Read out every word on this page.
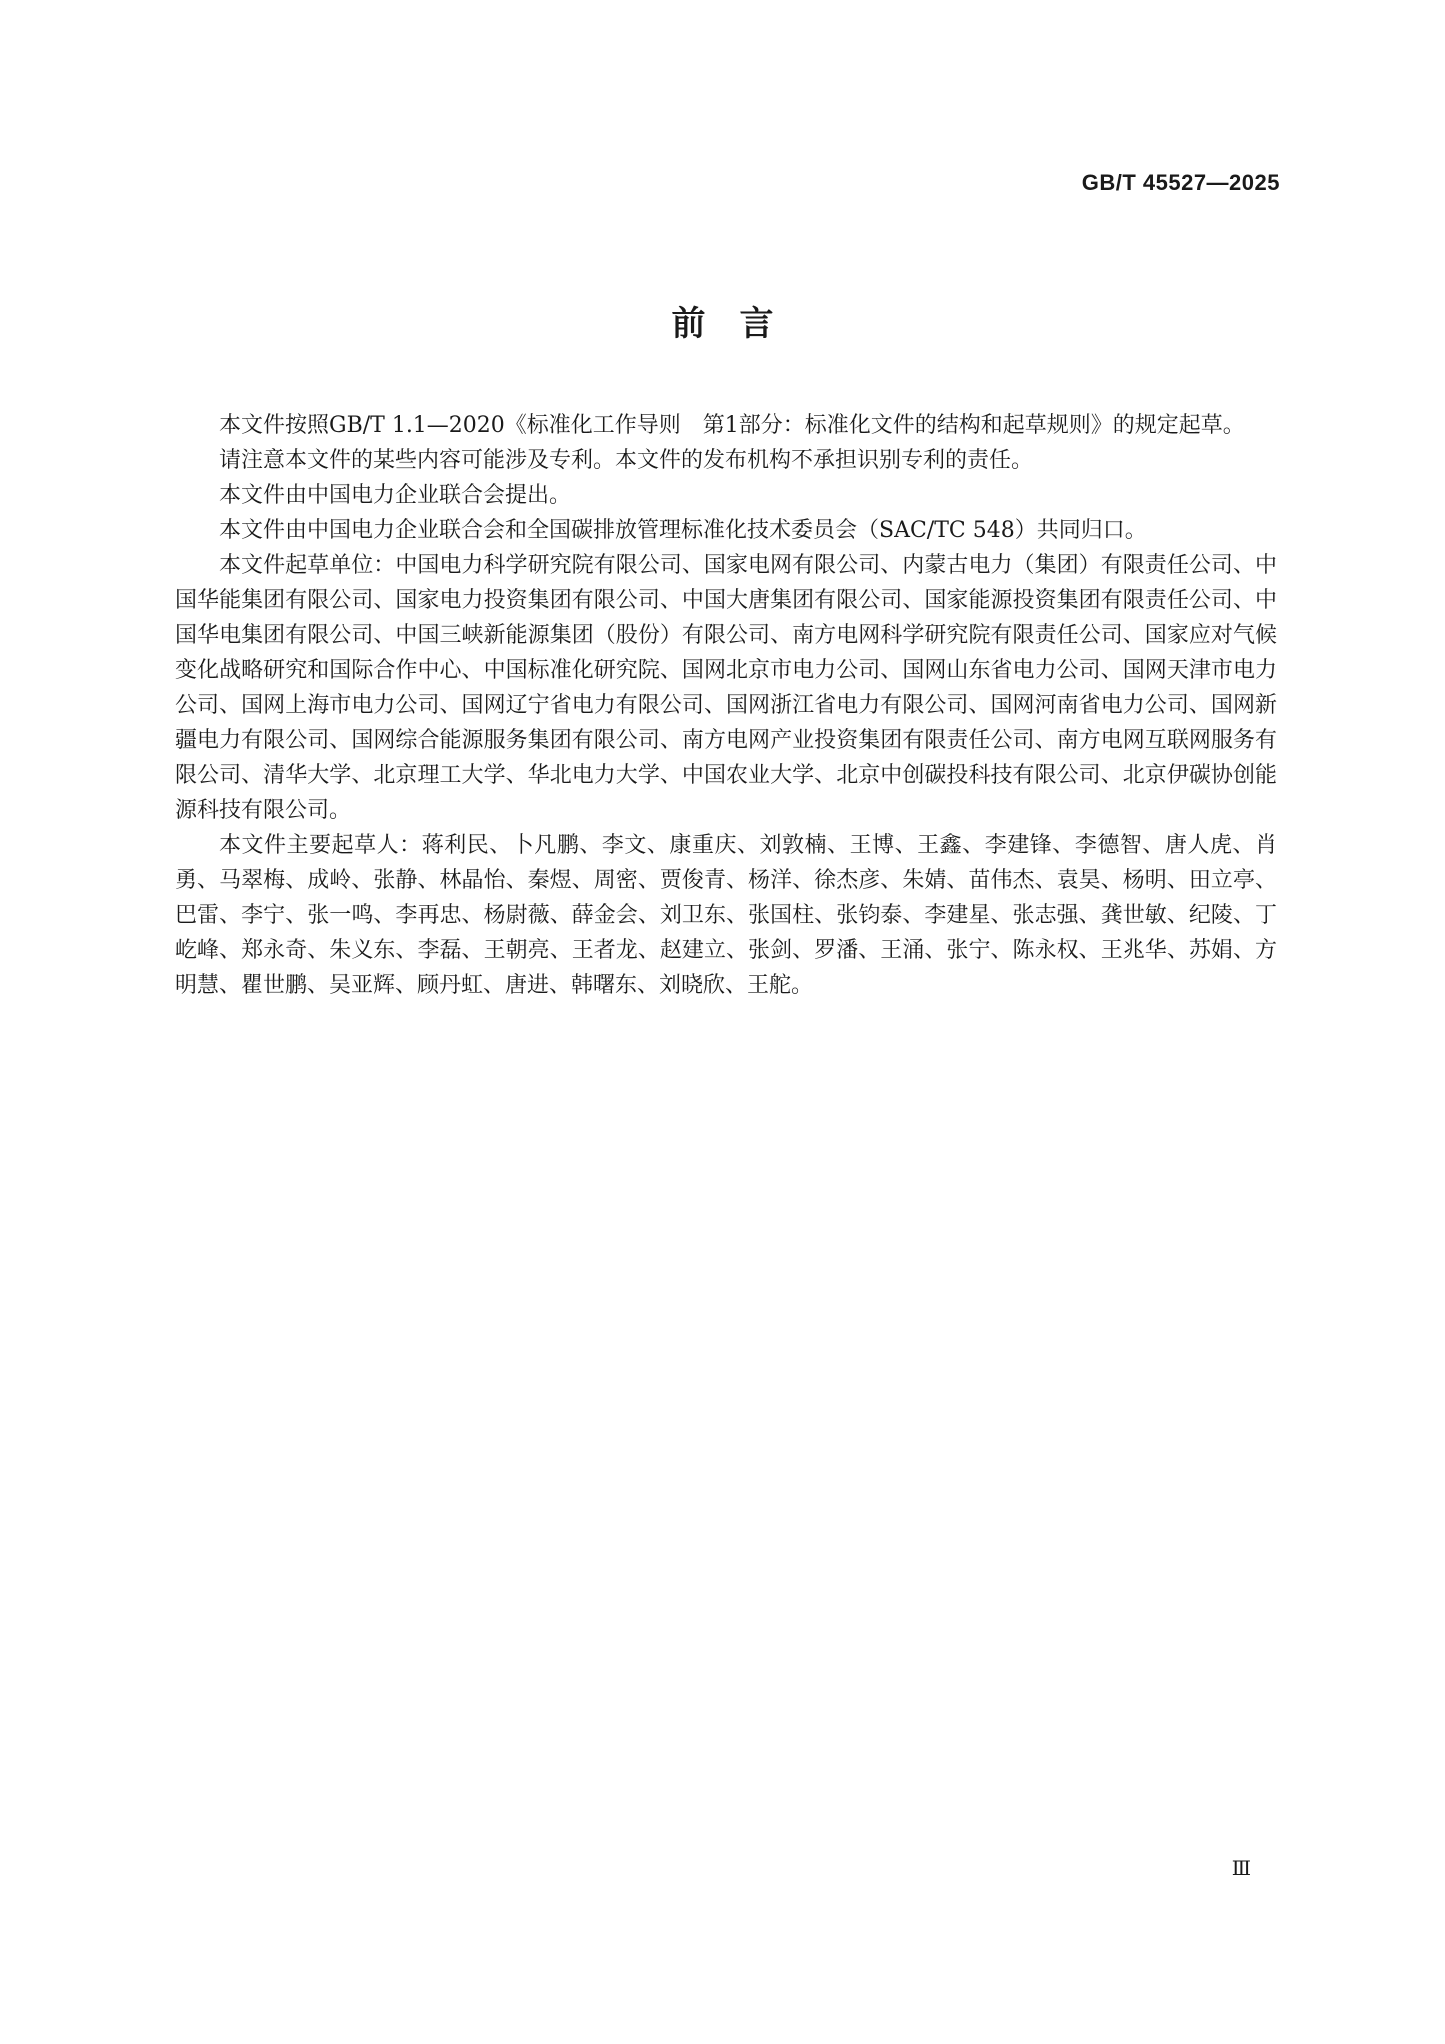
GB/T 45527—2025
前　言

本文件按照GB/T 1.1—2020《标准化工作导则　第1部分：标准化文件的结构和起草规则》的规定起草。

请注意本文件的某些内容可能涉及专利。本文件的发布机构不承担识别专利的责任。

本文件由中国电力企业联合会提出。

本文件由中国电力企业联合会和全国碳排放管理标准化技术委员会（SAC/TC 548）共同归口。

本文件起草单位：中国电力科学研究院有限公司、国家电网有限公司、内蒙古电力（集团）有限责任公司、中国华能集团有限公司、国家电力投资集团有限公司、中国大唐集团有限公司、国家能源投资集团有限责任公司、中国华电集团有限公司、中国三峡新能源集团（股份）有限公司、南方电网科学研究院有限责任公司、国家应对气候变化战略研究和国际合作中心、中国标准化研究院、国网北京市电力公司、国网山东省电力公司、国网天津市电力公司、国网上海市电力公司、国网辽宁省电力有限公司、国网浙江省电力有限公司、国网河南省电力公司、国网新疆电力有限公司、国网综合能源服务集团有限公司、南方电网产业投资集团有限责任公司、南方电网互联网服务有限公司、清华大学、北京理工大学、华北电力大学、中国农业大学、北京中创碳投科技有限公司、北京伊碳协创能源科技有限公司。

本文件主要起草人：蒋利民、卜凡鹏、李文、康重庆、刘敦楠、王博、王鑫、李建锋、李德智、唐人虎、肖勇、马翠梅、成岭、张静、林晶怡、秦煜、周密、贾俊青、杨洋、徐杰彦、朱婧、苗伟杰、袁昊、杨明、田立亭、巴雷、李宁、张一鸣、李再忠、杨尉薇、薛金会、刘卫东、张国柱、张钧泰、李建星、张志强、龚世敏、纪陵、丁屹峰、郑永奇、朱义东、李磊、王朝亮、王者龙、赵建立、张剑、罗潘、王涌、张宁、陈永权、王兆华、苏娟、方明慧、瞿世鹏、吴亚辉、顾丹虹、唐进、韩曙东、刘晓欣、王舵。

Ⅲ
